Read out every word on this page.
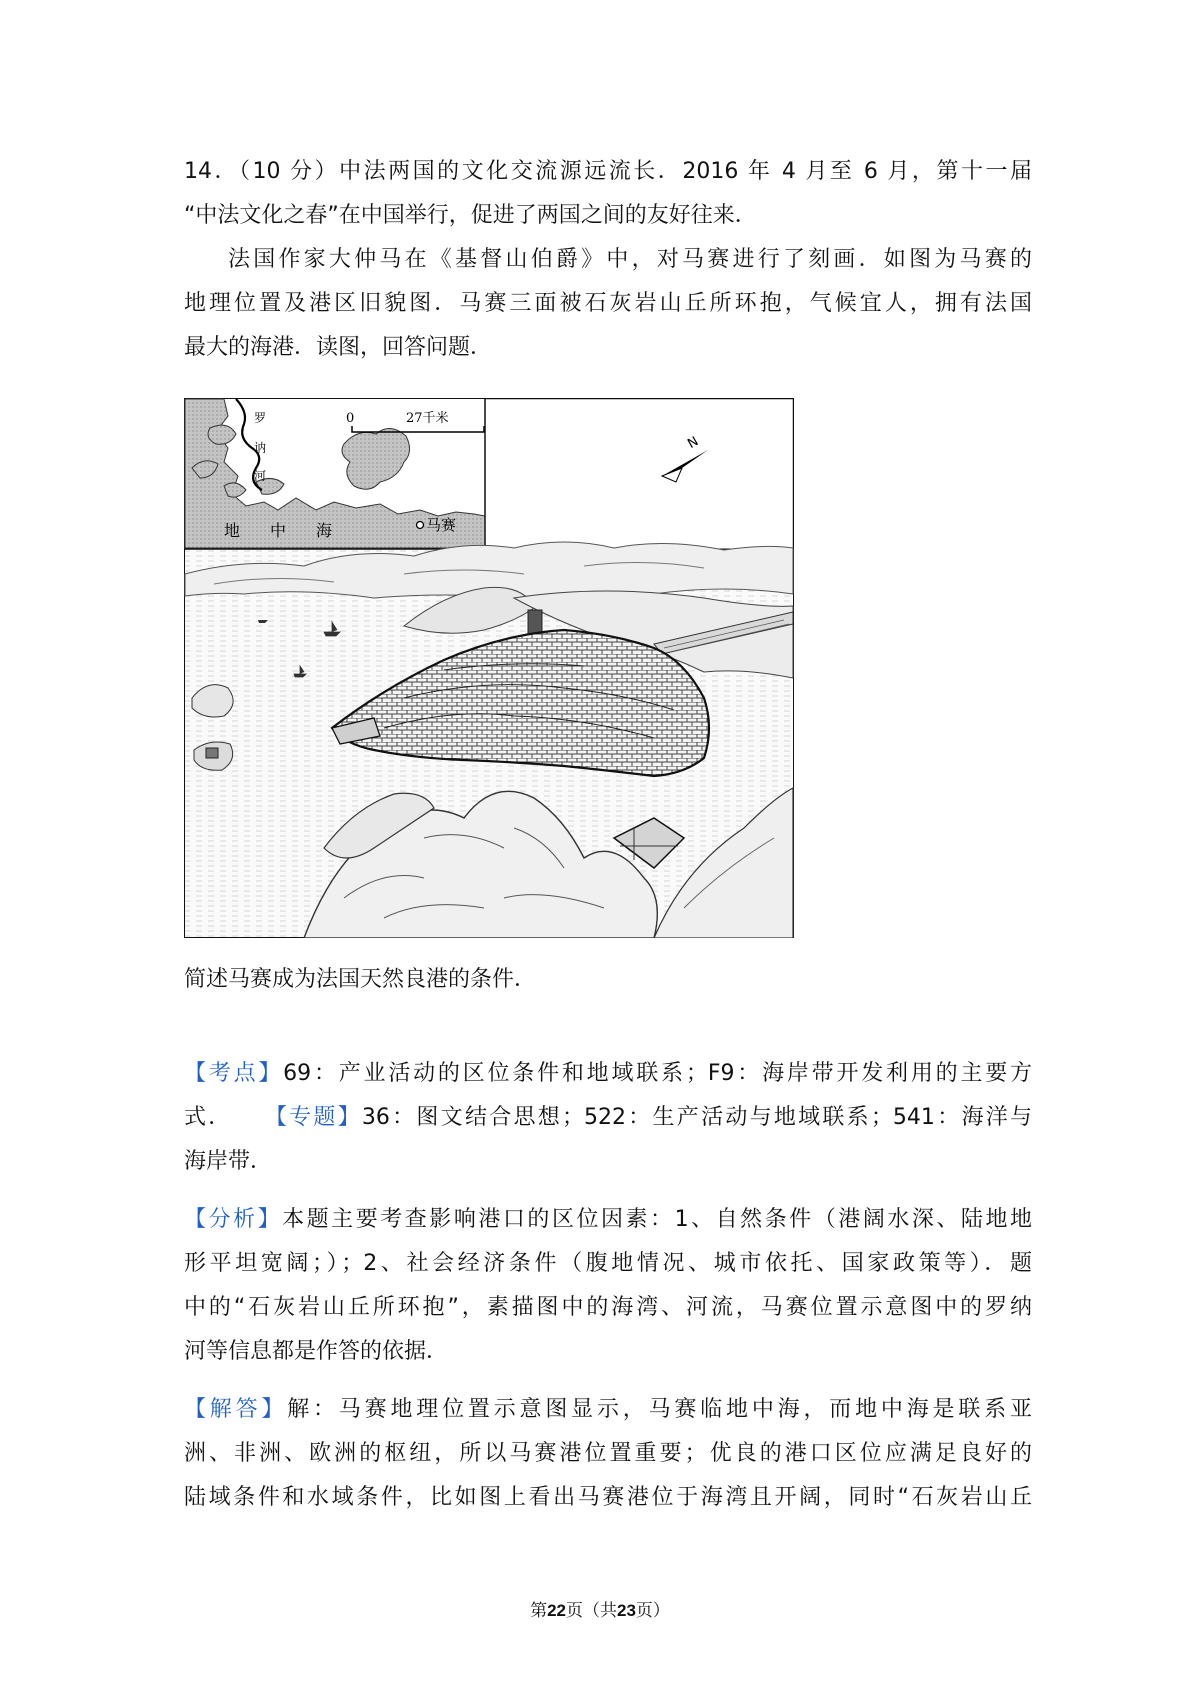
14．（10 分）中法两国的文化交流源远流长．2016 年 4 月至 6 月，第十一届
“中法文化之春”在中国举行，促进了两国之间的友好往来．
法国作家大仲马在《基督山伯爵》中，对马赛进行了刻画．如图为马赛的
地理位置及港区旧貌图．马赛三面被石灰岩山丘所环抱，气候宜人，拥有法国
最大的海港．读图，回答问题．
0	27千米
罗
讷
河
地 中 海	马赛
N
简述马赛成为法国天然良港的条件．
【考点】69：产业活动的区位条件和地域联系；F9：海岸带开发利用的主要方
式． 【专题】36：图文结合思想；522：生产活动与地域联系；541：海洋与
海岸带．
【分析】本题主要考查影响港口的区位因素：1、自然条件（港阔水深、陆地地
形平坦宽阔；）；2、社会经济条件（腹地情况、城市依托、国家政策等）．题
中的“石灰岩山丘所环抱”，素描图中的海湾、河流，马赛位置示意图中的罗纳
河等信息都是作答的依据．
【解答】解：马赛地理位置示意图显示，马赛临地中海，而地中海是联系亚
洲、非洲、欧洲的枢纽，所以马赛港位置重要；优良的港口区位应满足良好的
陆域条件和水域条件，比如图上看出马赛港位于海湾且开阔，同时“石灰岩山丘
第22页（共23页）
